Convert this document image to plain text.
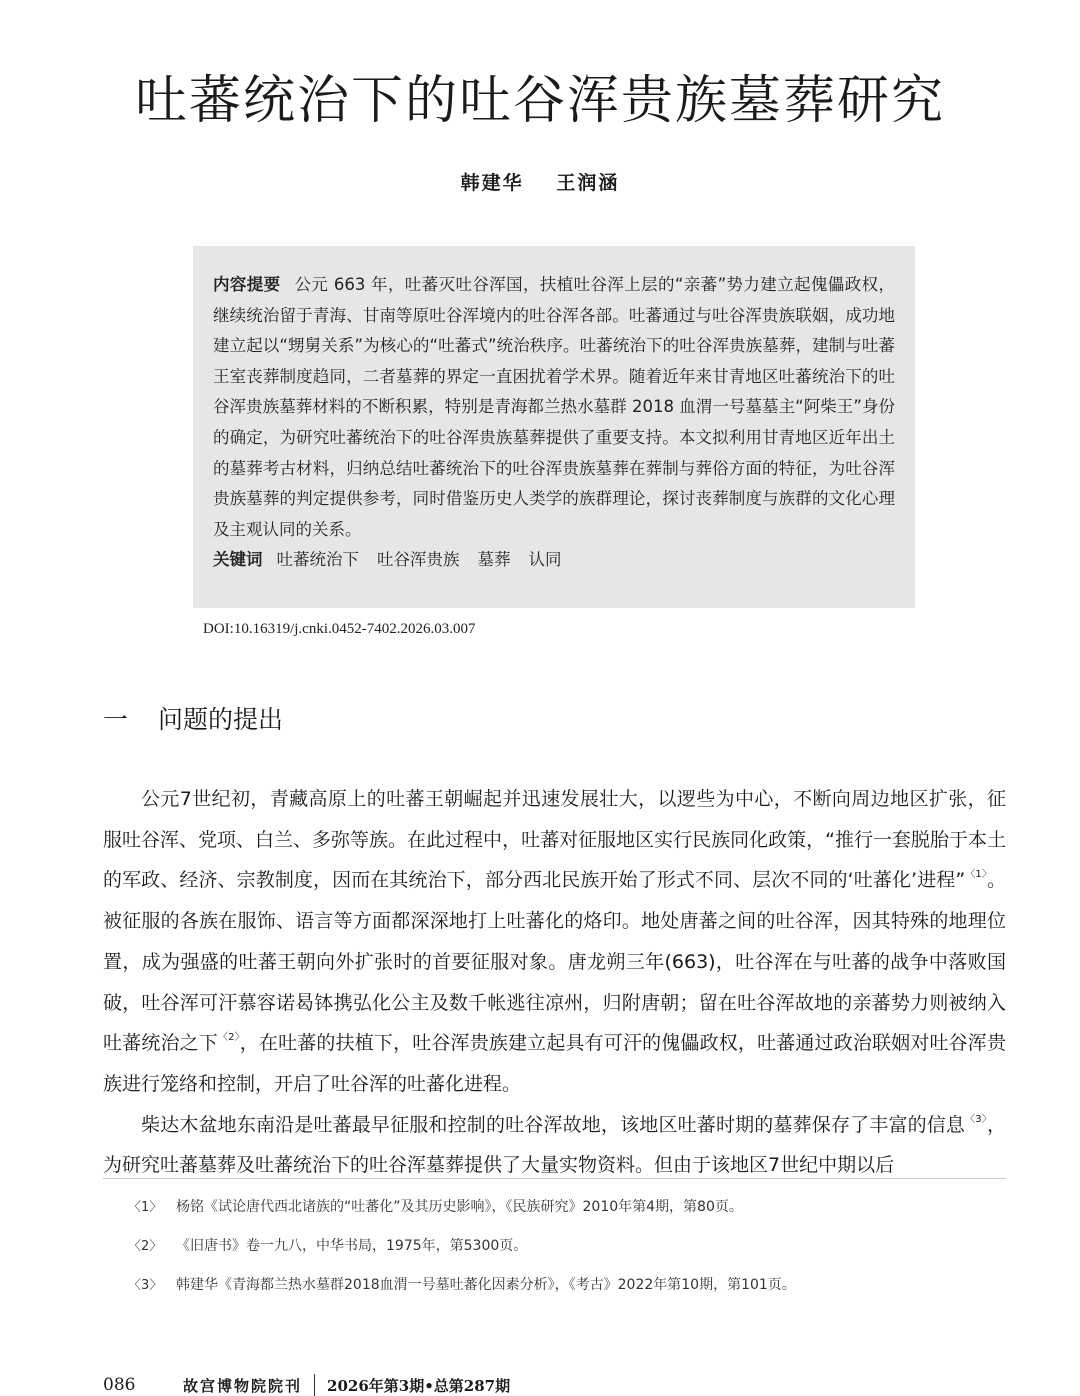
吐蕃统治下的吐谷浑贵族墓葬研究
韩建华 王润涵
内容提要 公元 663 年，吐蕃灭吐谷浑国，扶植吐谷浑上层的“亲蕃”势力建立起傀儡政权，继续统治留于青海、甘南等原吐谷浑境内的吐谷浑各部。吐蕃通过与吐谷浑贵族联姻，成功地建立起以“甥舅关系”为核心的“吐蕃式”统治秩序。吐蕃统治下的吐谷浑贵族墓葬，建制与吐蕃王室丧葬制度趋同，二者墓葬的界定一直困扰着学术界。随着近年来甘青地区吐蕃统治下的吐谷浑贵族墓葬材料的不断积累，特别是青海都兰热水墓群 2018 血渭一号墓墓主“阿柴王”身份的确定，为研究吐蕃统治下的吐谷浑贵族墓葬提供了重要支持。本文拟利用甘青地区近年出土的墓葬考古材料，归纳总结吐蕃统治下的吐谷浑贵族墓葬在葬制与葬俗方面的特征，为吐谷浑贵族墓葬的判定提供参考，同时借鉴历史人类学的族群理论，探讨丧葬制度与族群的文化心理及主观认同的关系。
关键词 吐蕃统治下 吐谷浑贵族 墓葬 认同
DOI:10.16319/j.cnki.0452-7402.2026.03.007
一 问题的提出

公元7世纪初，青藏高原上的吐蕃王朝崛起并迅速发展壮大，以逻些为中心，不断向周边地区扩张，征服吐谷浑、党项、白兰、多弥等族。在此过程中，吐蕃对征服地区实行民族同化政策，“推行一套脱胎于本土的军政、经济、宗教制度，因而在其统治下，部分西北民族开始了形式不同、层次不同的‘吐蕃化’进程”$^{〈1〉}$。被征服的各族在服饰、语言等方面都深深地打上吐蕃化的烙印。地处唐蕃之间的吐谷浑，因其特殊的地理位置，成为强盛的吐蕃王朝向外扩张时的首要征服对象。唐龙朔三年(663)，吐谷浑在与吐蕃的战争中落败国破，吐谷浑可汗慕容诺曷钵携弘化公主及数千帐逃往凉州，归附唐朝；留在吐谷浑故地的亲蕃势力则被纳入吐蕃统治之下$^{〈2〉}$，在吐蕃的扶植下，吐谷浑贵族建立起具有可汗的傀儡政权，吐蕃通过政治联姻对吐谷浑贵族进行笼络和控制，开启了吐谷浑的吐蕃化进程。

柴达木盆地东南沿是吐蕃最早征服和控制的吐谷浑故地，该地区吐蕃时期的墓葬保存了丰富的信息$^{〈3〉}$，为研究吐蕃墓葬及吐蕃统治下的吐谷浑墓葬提供了大量实物资料。但由于该地区7世纪中期以后

〈1〉 杨铭《试论唐代西北诸族的“吐蕃化”及其历史影响》，《民族研究》2010年第4期，第80页。
〈2〉 《旧唐书》卷一九八，中华书局，1975年，第5300页。
〈3〉 韩建华《青海都兰热水墓群2018血渭一号墓吐蕃化因素分析》，《考古》2022年第10期，第101页。
086	故宫博物院院刊	2026年第3期•总第287期
